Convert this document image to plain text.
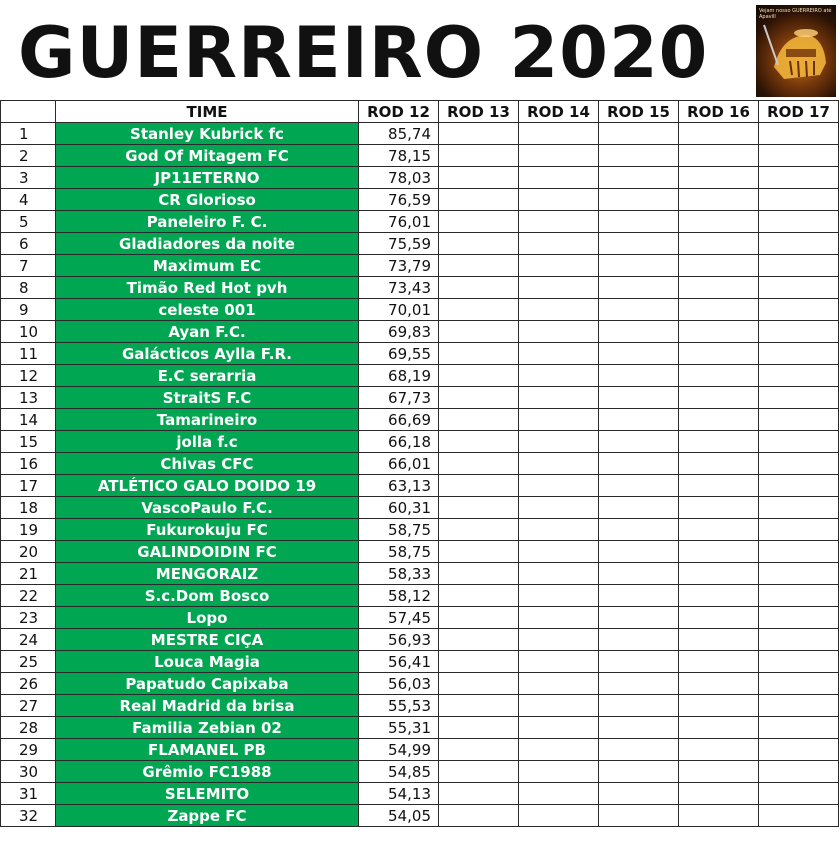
GUERREIRO 2020
Vejam nosso GUERREIRO até Apavill
	TIME	ROD 12	ROD 13	ROD 14	ROD 15	ROD 16	ROD 17
1	Stanley Kubrick fc	85,74					
2	God Of Mitagem FC	78,15					
3	JP11ETERNO	78,03					
4	CR Glorioso	76,59					
5	Paneleiro F. C.	76,01					
6	Gladiadores da noite	75,59					
7	Maximum EC	73,79					
8	Timão Red Hot pvh	73,43					
9	celeste 001	70,01					
10	Ayan F.C.	69,83					
11	Galácticos Aylla F.R.	69,55					
12	E.C serarria	68,19					
13	StraitS F.C	67,73					
14	Tamarineiro	66,69					
15	jolla f.c	66,18					
16	Chivas CFC	66,01					
17	ATLÉTICO GALO DOIDO 19	63,13					
18	VascoPaulo F.C.	60,31					
19	Fukurokuju FC	58,75					
20	GALINDOIDIN FC	58,75					
21	MENGORAIZ	58,33					
22	S.c.Dom Bosco	58,12					
23	Lopo	57,45					
24	MESTRE CIÇA	56,93					
25	Louca Magia	56,41					
26	Papatudo Capixaba	56,03					
27	Real Madrid da brisa	55,53					
28	Familia Zebian 02	55,31					
29	FLAMANEL PB	54,99					
30	Grêmio FC1988	54,85					
31	SELEMITO	54,13					
32	Zappe FC	54,05					
